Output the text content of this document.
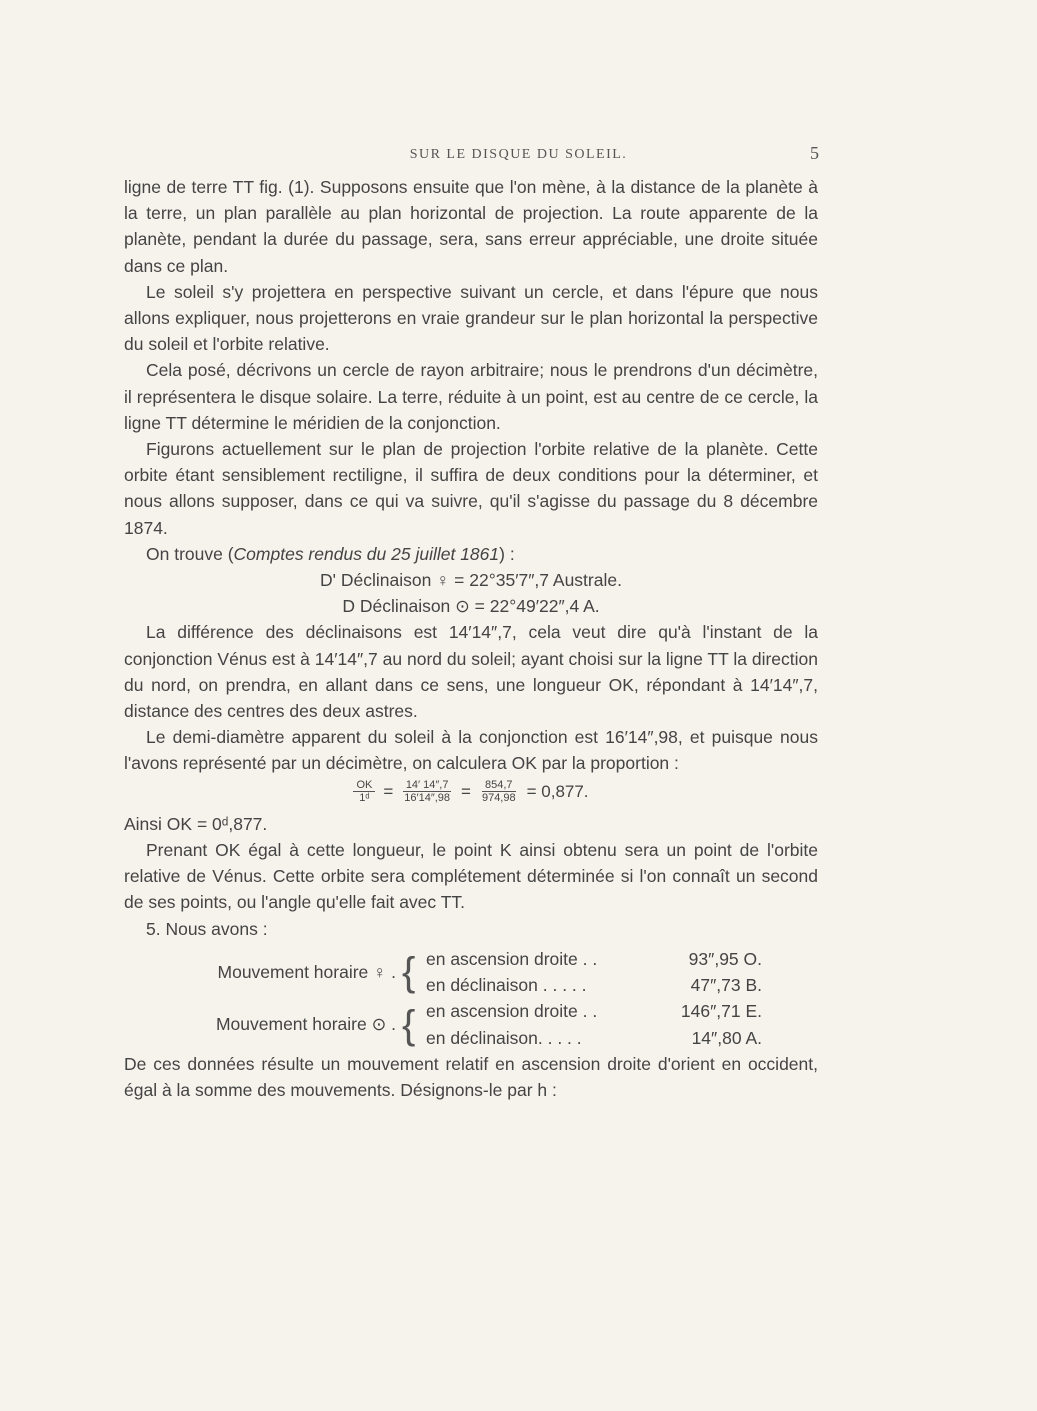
SUR LE DISQUE DU SOLEIL.	5

ligne de terre TT fig. (1). Supposons ensuite que l'on mène, à la distance de la planète à la terre, un plan parallèle au plan horizontal de projection. La route apparente de la planète, pendant la durée du passage, sera, sans erreur appréciable, une droite située dans ce plan.

Le soleil s'y projettera en perspective suivant un cercle, et dans l'épure que nous allons expliquer, nous projetterons en vraie grandeur sur le plan horizontal la perspective du soleil et l'orbite relative.

Cela posé, décrivons un cercle de rayon arbitraire; nous le prendrons d'un décimètre, il représentera le disque solaire. La terre, réduite à un point, est au centre de ce cercle, la ligne TT détermine le méridien de la conjonction.

Figurons actuellement sur le plan de projection l'orbite relative de la planète. Cette orbite étant sensiblement rectiligne, il suffira de deux conditions pour la déterminer, et nous allons supposer, dans ce qui va suivre, qu'il s'agisse du passage du 8 décembre 1874.

On trouve (Comptes rendus du 25 juillet 1861) :

D' Déclinaison ♀ = 22°35′7″,7 Australe.

D Déclinaison ⊙ = 22°49′22″,4 A.

La différence des déclinaisons est 14′14″,7, cela veut dire qu'à l'instant de la conjonction Vénus est à 14′14″,7 au nord du soleil; ayant choisi sur la ligne TT la direction du nord, on prendra, en allant dans ce sens, une longueur OK, répondant à 14′14″,7, distance des centres des deux astres.

Le demi-diamètre apparent du soleil à la conjonction est 16′14″,98, et puisque nous l'avons représenté par un décimètre, on calculera OK par la proportion :

$\frac{OK}{\text{1ᵈ}} = \frac{14' 14'',7}{16'14'',98} = \frac{854,7}{974,98} = 0,877$.

Ainsi OK = 0ᵈ,877.

Prenant OK égal à cette longueur, le point K ainsi obtenu sera un point de l'orbite relative de Vénus. Cette orbite sera complétement déterminée si l'on connaît un second de ses points, ou l'angle qu'elle fait avec TT.

5. Nous avons :

Mouvement horaire ♀ . { en ascension droite . .	93″,95 O.
en déclinaison . . . . .	47″,73 B.
Mouvement horaire ⊙ . { en ascension droite . .	146″,71 E.
en déclinaison. . . . .	14″,80 A.

De ces données résulte un mouvement relatif en ascension droite d'orient en occident, égal à la somme des mouvements. Désignons-le par h :
